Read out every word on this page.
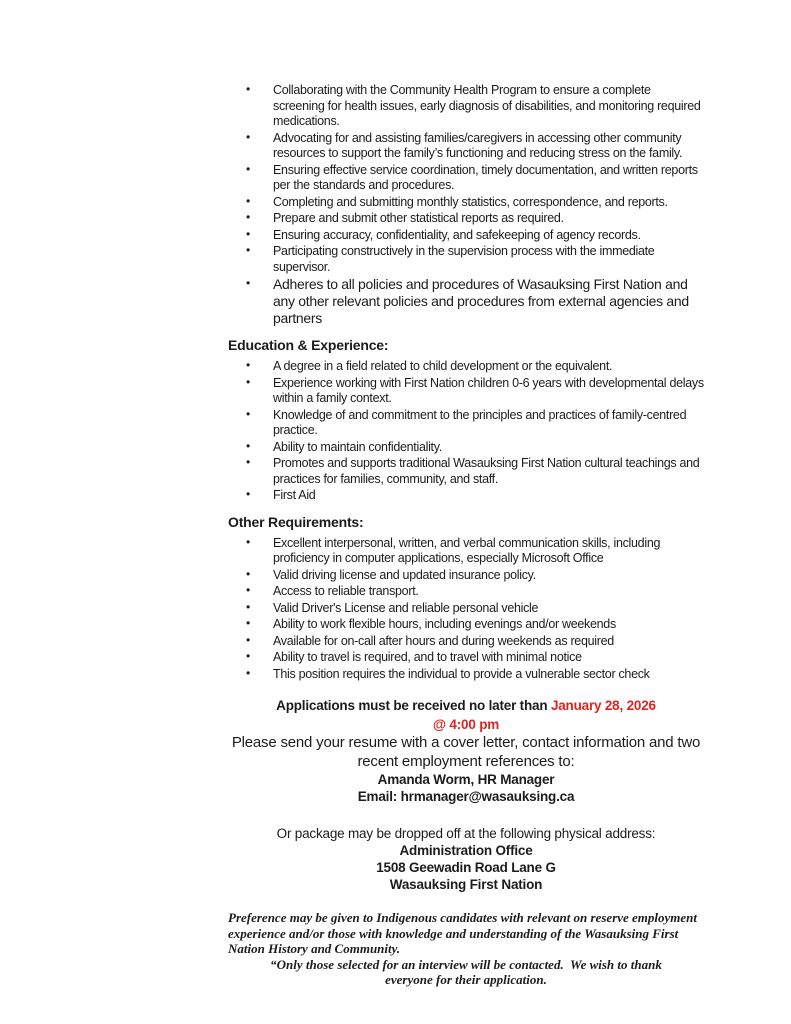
• Collaborating with the Community Health Program to ensure a complete screening for health issues, early diagnosis of disabilities, and monitoring required medications.
• Advocating for and assisting families/caregivers in accessing other community resources to support the family’s functioning and reducing stress on the family.
• Ensuring effective service coordination, timely documentation, and written reports per the standards and procedures.
• Completing and submitting monthly statistics, correspondence, and reports.
• Prepare and submit other statistical reports as required.
• Ensuring accuracy, confidentiality, and safekeeping of agency records.
• Participating constructively in the supervision process with the immediate supervisor.
• Adheres to all policies and procedures of Wasauksing First Nation and any other relevant policies and procedures from external agencies and partners
Education & Experience:
• A degree in a field related to child development or the equivalent.
• Experience working with First Nation children 0-6 years with developmental delays within a family context.
• Knowledge of and commitment to the principles and practices of family-centred practice.
• Ability to maintain confidentiality.
• Promotes and supports traditional Wasauksing First Nation cultural teachings and practices for families, community, and staff.
• First Aid
Other Requirements:
• Excellent interpersonal, written, and verbal communication skills, including proficiency in computer applications, especially Microsoft Office
• Valid driving license and updated insurance policy.
• Access to reliable transport.
• Valid Driver's License and reliable personal vehicle
• Ability to work flexible hours, including evenings and/or weekends
• Available for on-call after hours and during weekends as required
• Ability to travel is required, and to travel with minimal notice
• This position requires the individual to provide a vulnerable sector check

Applications must be received no later than January 28, 2026

@ 4:00 pm

Please send your resume with a cover letter, contact information and two recent employment references to:

Amanda Worm, HR Manager

Email: hrmanager@wasauksing.ca

Or package may be dropped off at the following physical address:

Administration Office

1508 Geewadin Road Lane G

Wasauksing First Nation

Preference may be given to Indigenous candidates with relevant on reserve employment experience and/or those with knowledge and understanding of the Wasauksing First Nation History and Community.

“Only those selected for an interview will be contacted.  We wish to thank everyone for their application.
